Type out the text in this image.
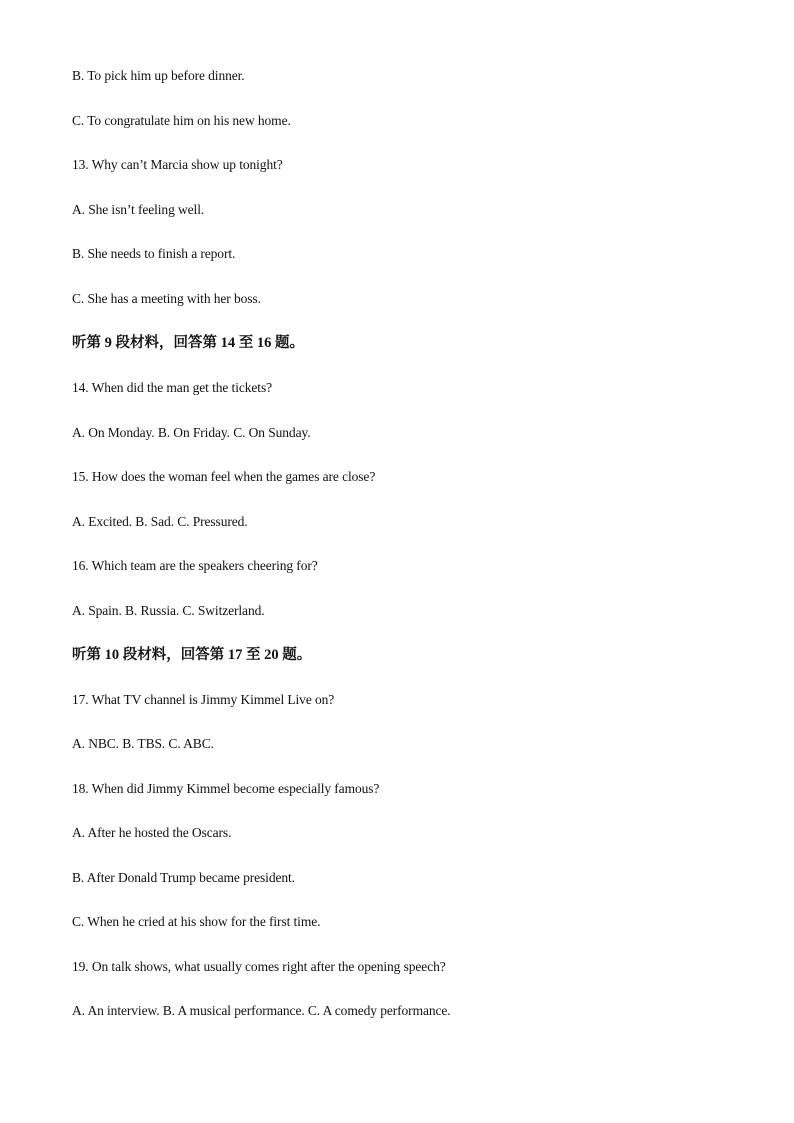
B. To pick him up before dinner.
C. To congratulate him on his new home.
13. Why can’t Marcia show up tonight?
A. She isn’t feeling well.
B. She needs to finish a report.
C. She has a meeting with her boss.
听第 9 段材料，回答第 14 至 16 题。
14. When did the man get the tickets?
A. On Monday. B. On Friday. C. On Sunday.
15. How does the woman feel when the games are close?
A. Excited. B. Sad. C. Pressured.
16. Which team are the speakers cheering for?
A. Spain. B. Russia. C. Switzerland.
听第 10 段材料，回答第 17 至 20 题。
17. What TV channel is Jimmy Kimmel Live on?
A. NBC. B. TBS. C. ABC.
18. When did Jimmy Kimmel become especially famous?
A. After he hosted the Oscars.
B. After Donald Trump became president.
C. When he cried at his show for the first time.
19. On talk shows, what usually comes right after the opening speech?
A. An interview. B. A musical performance. C. A comedy performance.
